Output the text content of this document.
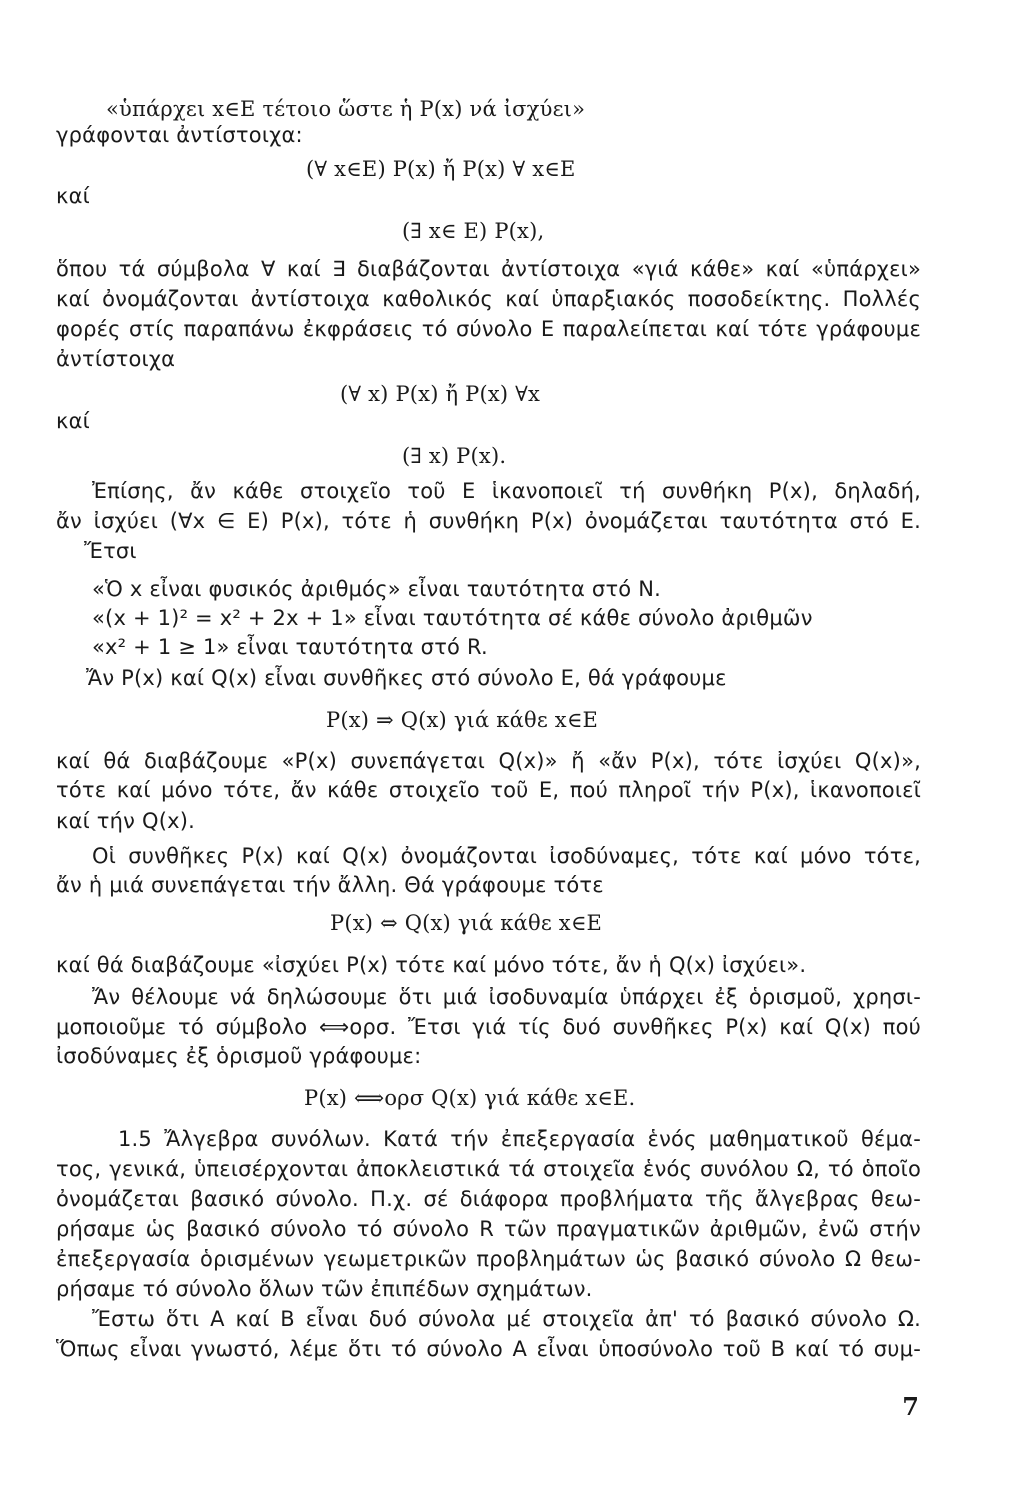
«ὑπάρχει x∈E τέτοιο ὥστε ἡ P(x) νά ἰσχύει»
γράφονται ἀντίστοιχα:
(∀ x∈E) P(x) ἤ P(x) ∀ x∈E
καί
(∃ x∈ E) P(x),
ὅπου τά σύμβολα ∀ καί ∃ διαβάζονται ἀντίστοιχα «γιά κάθε» καί «ὑπάρχει»
καί ὀνομάζονται ἀντίστοιχα καθολικός καί ὑπαρξιακός ποσοδείκτης. Πολλές
φορές στίς παραπάνω ἐκφράσεις τό σύνολο E παραλείπεται καί τότε γράφουμε
ἀντίστοιχα
(∀ x) P(x) ἤ P(x) ∀x
καί
(∃ x) P(x).
Ἐπίσης, ἄν κάθε στοιχεῖο τοῦ E ἱκανοποιεῖ τή συνθήκη P(x), δηλαδή,
ἄν ἰσχύει (∀x ∈ E) P(x), τότε ἡ συνθήκη P(x) ὀνομάζεται ταυτότητα στό E.
Ἔτσι
«Ὁ x εἶναι φυσικός ἀριθμός» εἶναι ταυτότητα στό N.
«(x + 1)² = x² + 2x + 1» εἶναι ταυτότητα σέ κάθε σύνολο ἀριθμῶν
«x² + 1 ≥ 1» εἶναι ταυτότητα στό R.
Ἄν P(x) καί Q(x) εἶναι συνθῆκες στό σύνολο E, θά γράφουμε
P(x) ⇒ Q(x) γιά κάθε x∈E
καί θά διαβάζουμε «P(x) συνεπάγεται Q(x)» ἤ «ἄν P(x), τότε ἰσχύει Q(x)»,
τότε καί μόνο τότε, ἄν κάθε στοιχεῖο τοῦ E, πού πληροῖ τήν P(x), ἱκανοποιεῖ
καί τήν Q(x).
Οἱ συνθῆκες P(x) καί Q(x) ὀνομάζονται ἰσοδύναμες, τότε καί μόνο τότε,
ἄν ἡ μιά συνεπάγεται τήν ἄλλη. Θά γράφουμε τότε
P(x) ⇔ Q(x) γιά κάθε x∈E
καί θά διαβάζουμε «ἰσχύει P(x) τότε καί μόνο τότε, ἄν ἡ Q(x) ἰσχύει».
Ἄν θέλουμε νά δηλώσουμε ὅτι μιά ἰσοδυναμία ὑπάρχει ἐξ ὁρισμοῦ, χρησι-
μοποιοῦμε τό σύμβολο ⟺ορσ. Ἔτσι γιά τίς δυό συνθῆκες P(x) καί Q(x) πού
ἰσοδύναμες ἐξ ὁρισμοῦ γράφουμε:
P(x) ⟺ορσ Q(x) γιά κάθε x∈E.
1.5 Ἄλγεβρα συνόλων. Κατά τήν ἐπεξεργασία ἑνός μαθηματικοῦ θέμα-
τος, γενικά, ὑπεισέρχονται ἀποκλειστικά τά στοιχεῖα ἑνός συνόλου Ω, τό ὁποῖο
ὀνομάζεται βασικό σύνολο. Π.χ. σέ διάφορα προβλήματα τῆς ἄλγεβρας θεω-
ρήσαμε ὡς βασικό σύνολο τό σύνολο R τῶν πραγματικῶν ἀριθμῶν, ἐνῶ στήν
ἐπεξεργασία ὁρισμένων γεωμετρικῶν προβλημάτων ὡς βασικό σύνολο Ω θεω-
ρήσαμε τό σύνολο ὅλων τῶν ἐπιπέδων σχημάτων.
Ἔστω ὅτι A καί B εἶναι δυό σύνολα μέ στοιχεῖα ἀπ' τό βασικό σύνολο Ω.
Ὅπως εἶναι γνωστό, λέμε ὅτι τό σύνολο A εἶναι ὑποσύνολο τοῦ B καί τό συμ-
7
